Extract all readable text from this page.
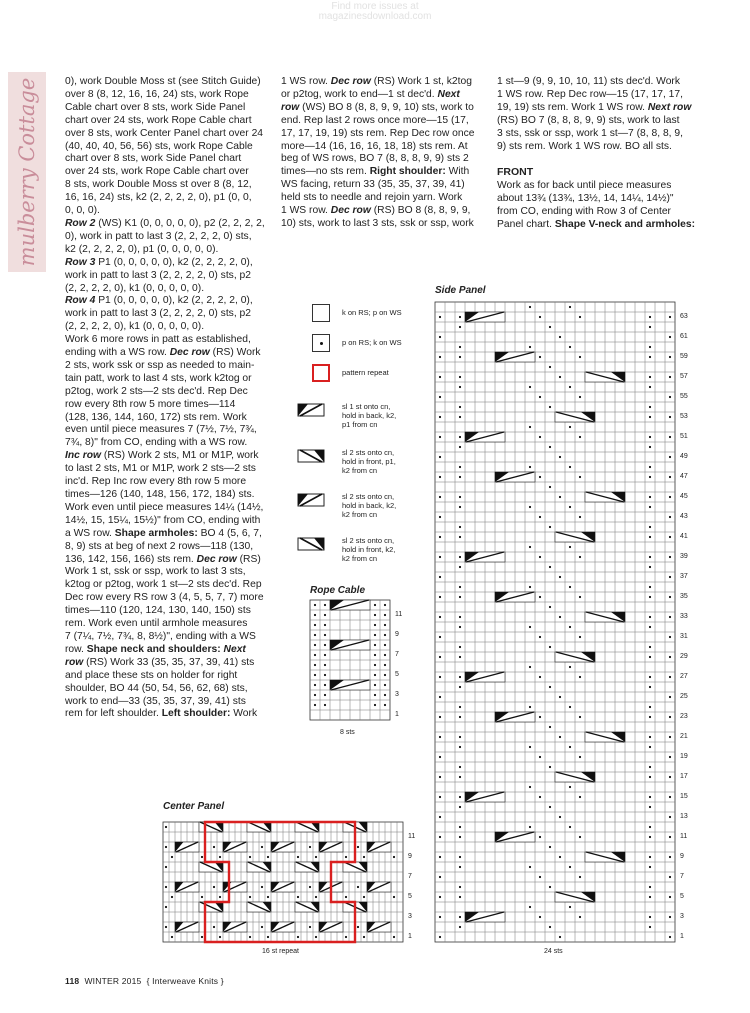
Find more issues at
magazinesdownload.com
mulberry Cottage	0), work Double Moss st (see Stitch Guide)
over 8 (8, 12, 16, 16, 24) sts, work Rope
Cable chart over 8 sts, work Side Panel
chart over 24 sts, work Rope Cable chart
over 8 sts, work Center Panel chart over 24
(40, 40, 40, 56, 56) sts, work Rope Cable
chart over 8 sts, work Side Panel chart
over 24 sts, work Rope Cable chart over
8 sts, work Double Moss st over 8 (8, 12,
16, 16, 24) sts, k2 (2, 2, 2, 2, 0), p1 (0, 0,
0, 0, 0).
Row 2 (WS) K1 (0, 0, 0, 0, 0), p2 (2, 2, 2, 2,
0), work in patt to last 3 (2, 2, 2, 2, 0) sts,
k2 (2, 2, 2, 2, 0), p1 (0, 0, 0, 0, 0).
Row 3 P1 (0, 0, 0, 0, 0), k2 (2, 2, 2, 2, 0),
work in patt to last 3 (2, 2, 2, 2, 0) sts, p2
(2, 2, 2, 2, 0), k1 (0, 0, 0, 0, 0).
Row 4 P1 (0, 0, 0, 0, 0), k2 (2, 2, 2, 2, 0),
work in patt to last 3 (2, 2, 2, 2, 0) sts, p2
(2, 2, 2, 2, 0), k1 (0, 0, 0, 0, 0).
Work 6 more rows in patt as established,
ending with a WS row. Dec row (RS) Work
2 sts, work ssk or ssp as needed to main-
tain patt, work to last 4 sts, work k2tog or
p2tog, work 2 sts—2 sts dec'd. Rep Dec
row every 8th row 5 more times—114
(128, 136, 144, 160, 172) sts rem. Work
even until piece measures 7 (7½, 7½, 7¾,
7¾, 8)" from CO, ending with a WS row.
Inc row (RS) Work 2 sts, M1 or M1P, work
to last 2 sts, M1 or M1P, work 2 sts—2 sts
inc'd. Rep Inc row every 8th row 5 more
times—126 (140, 148, 156, 172, 184) sts.
Work even until piece measures 14¼ (14½,
14½, 15, 15¼, 15½)" from CO, ending with
a WS row. Shape armholes: BO 4 (5, 6, 7,
8, 9) sts at beg of next 2 rows—118 (130,
136, 142, 156, 166) sts rem. Dec row (RS)
Work 1 st, ssk or ssp, work to last 3 sts,
k2tog or p2tog, work 1 st—2 sts dec'd. Rep
Dec row every RS row 3 (4, 5, 5, 7, 7) more
times—110 (120, 124, 130, 140, 150) sts
rem. Work even until armhole measures
7 (7¼, 7½, 7¾, 8, 8½)", ending with a WS
row. Shape neck and shoulders: Next
row (RS) Work 33 (35, 35, 37, 39, 41) sts
and place these sts on holder for right
shoulder, BO 44 (50, 54, 56, 62, 68) sts,
work to end—33 (35, 35, 37, 39, 41) sts
rem for left shoulder. Left shoulder: Work
1 WS row. Dec row (RS) Work 1 st, k2tog
or p2tog, work to end—1 st dec'd. Next
row (WS) BO 8 (8, 8, 9, 9, 10) sts, work to
end. Rep last 2 rows once more—15 (17,
17, 17, 19, 19) sts rem. Rep Dec row once
more—14 (16, 16, 16, 18, 18) sts rem. At
beg of WS rows, BO 7 (8, 8, 8, 9, 9) sts 2
times—no sts rem. Right shoulder: With
WS facing, return 33 (35, 35, 37, 39, 41)
held sts to needle and rejoin yarn. Work
1 WS row. Dec row (RS) BO 8 (8, 8, 9, 9,
10) sts, work to last 3 sts, ssk or ssp, work
1 st—9 (9, 9, 10, 10, 11) sts dec'd. Work
1 WS row. Rep Dec row—15 (17, 17, 17,
19, 19) sts rem. Work 1 WS row. Next row
(RS) BO 7 (8, 8, 8, 9, 9) sts, work to last
3 sts, ssk or ssp, work 1 st—7 (8, 8, 8, 9,
9) sts rem. Work 1 WS row. BO all sts.

FRONT
Work as for back until piece measures
about 13¾ (13¾, 13½, 14, 14¼, 14½)"
from CO, ending with Row 3 of Center
Panel chart. Shape V-neck and armholes:
k on RS; p on WS
p on RS; k on WS
pattern repeat
sl 1 st onto cn,
hold in back, k2,
p1 from cn
sl 2 sts onto cn,
hold in front, p1,
k2 from cn
sl 2 sts onto cn,
hold in back, k2,
k2 from cn
sl 2 sts onto cn,
hold in front, k2,
k2 from cn
Rope Cable
8 sts
Side Panel
24 sts
Center Panel
16 st repeat
11
9
7
5
3
1
63
61
59
57
55
53
51
49
47
45
43
41
39
37
35
33
31
29
27
25
23
21
19
17
15
13
11
9
7
5
3
1
11
9
7
5
3
1
118 WINTER 2015 { Interweave Knits }
